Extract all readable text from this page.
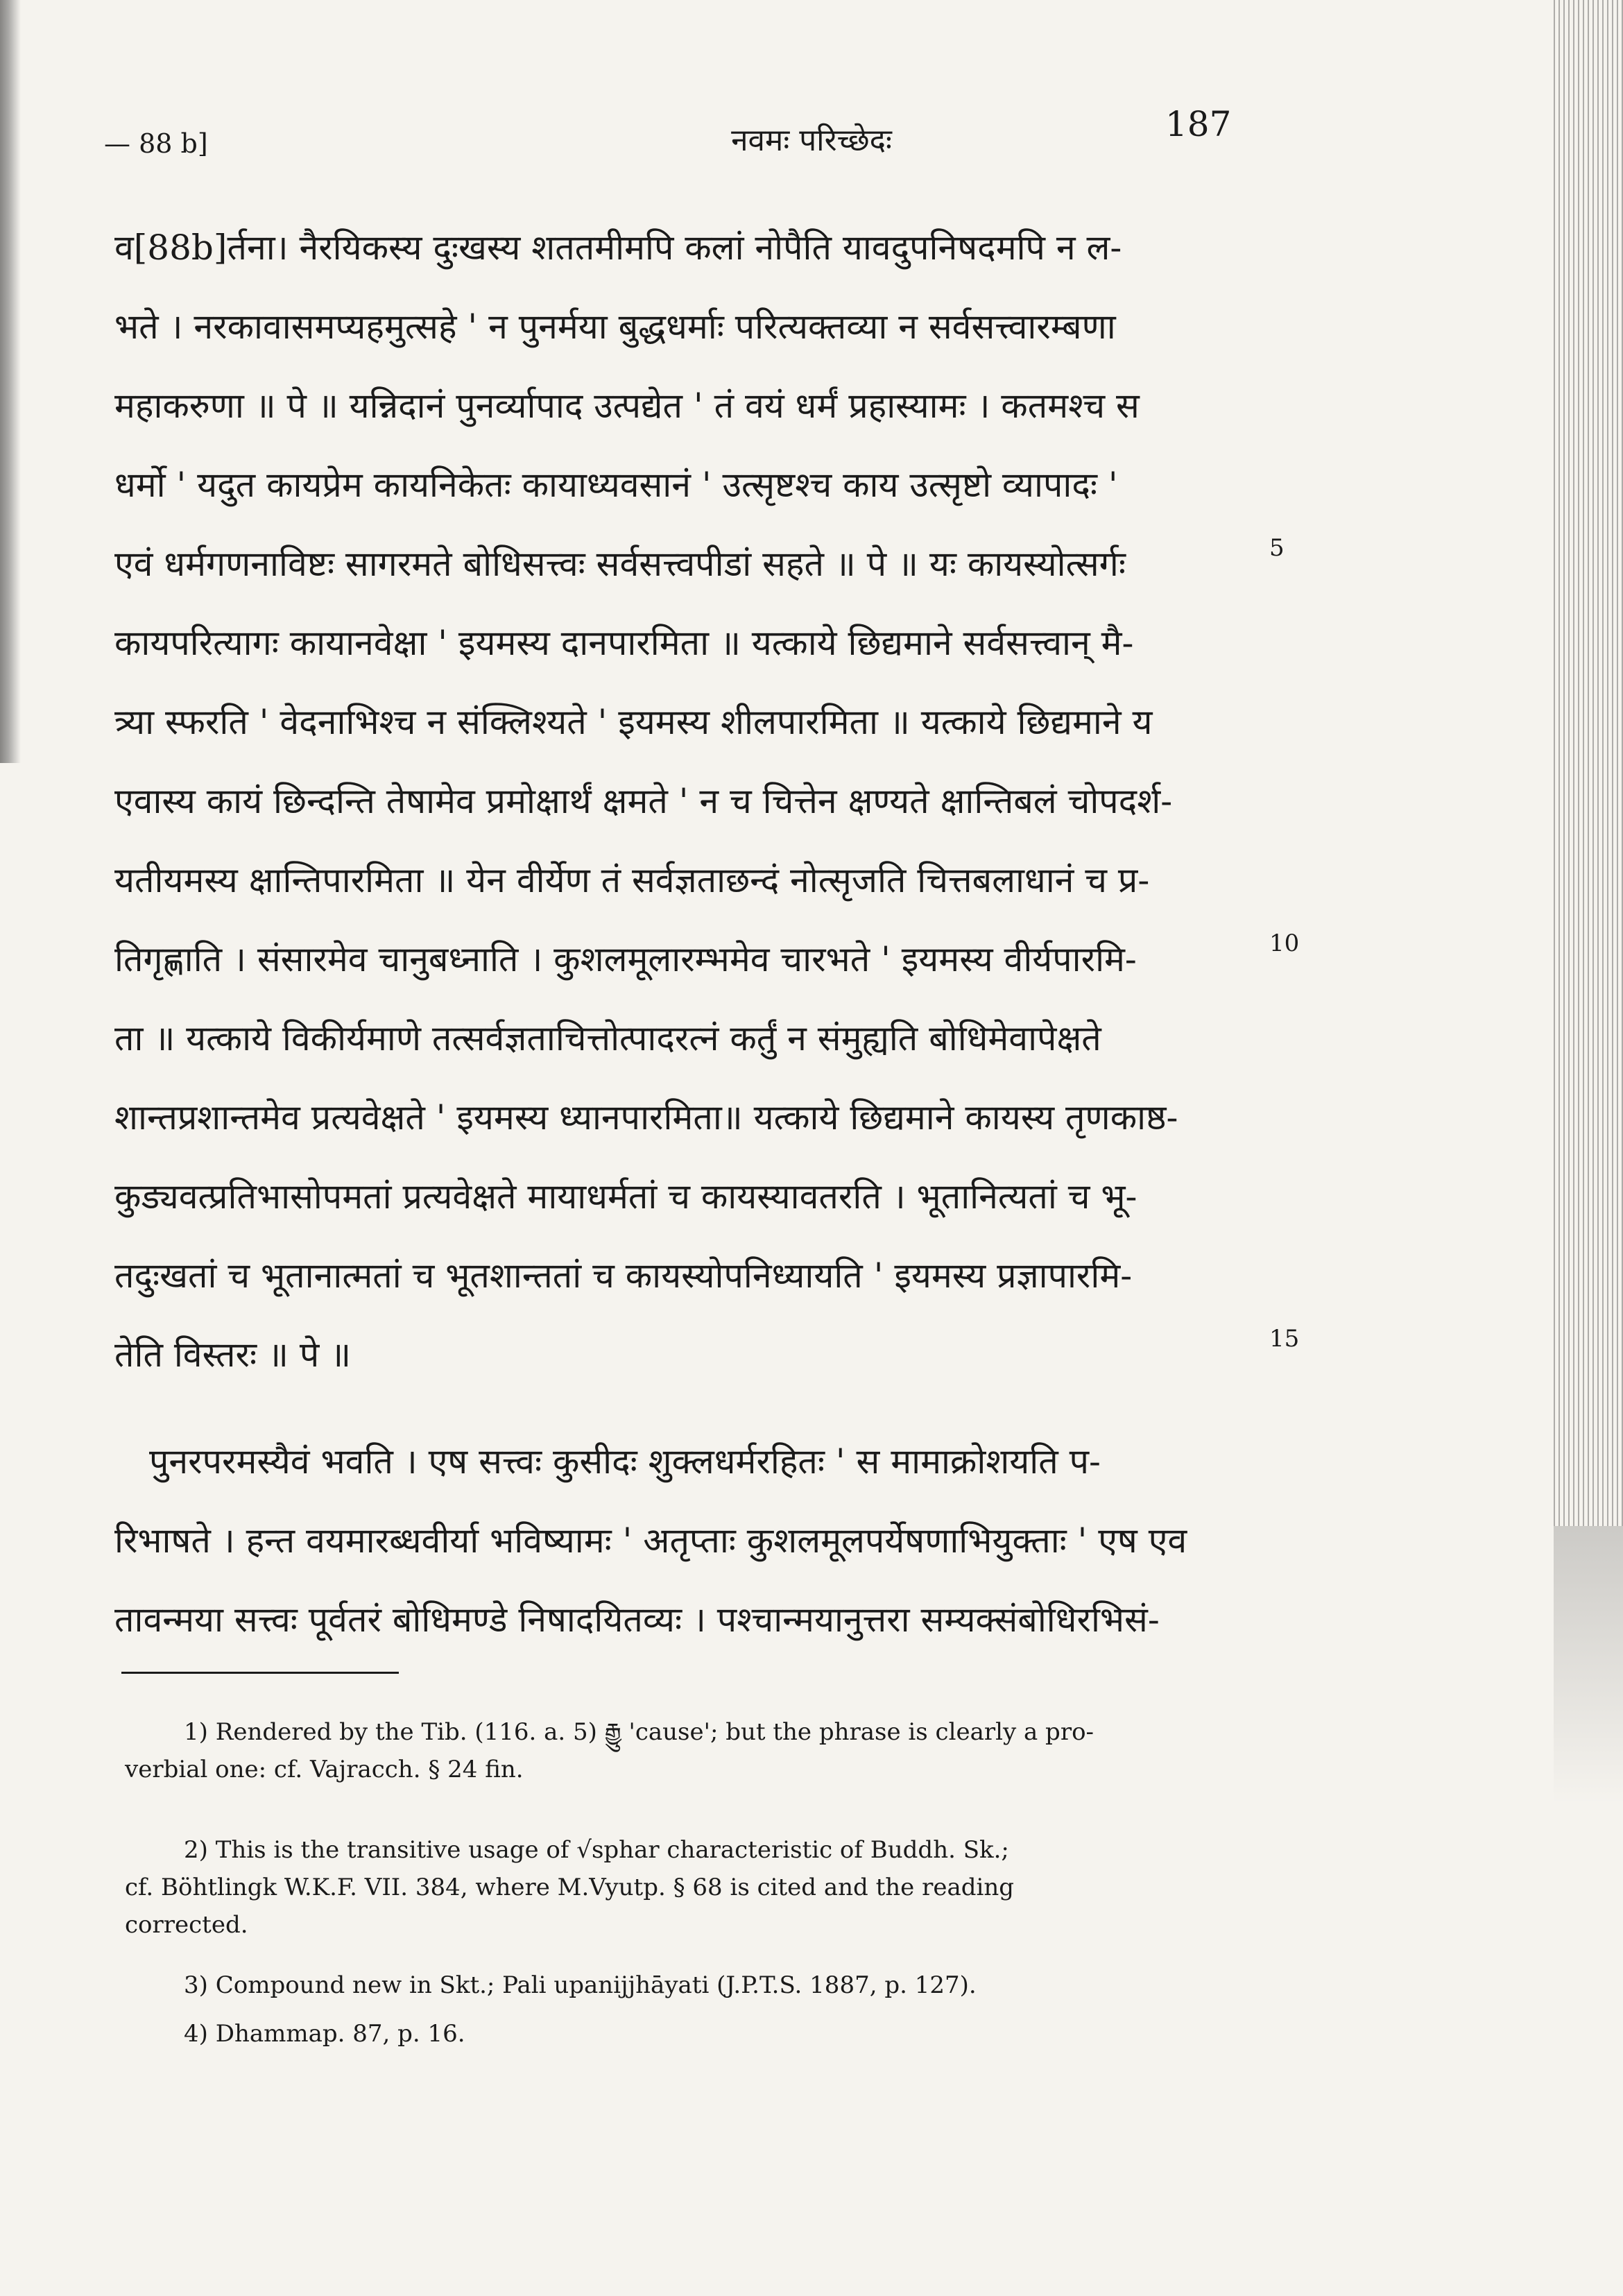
— 88 b]	नवमः परिच्छेदः	187
व[88b]र्तना। नैरयिकस्य दुःखस्य शततमीमपि कलां नोपैति यावदुपनिषदमपि न ल-
भते । नरकावासमप्यहमुत्सहे ' न पुनर्मया बुद्धधर्माः परित्यक्तव्या न सर्वसत्त्वारम्बणा
महाकरुणा ॥ पे ॥ यन्निदानं पुनर्व्यापाद उत्पद्येत ' तं वयं धर्मं प्रहास्यामः । कतमश्च स
धर्मो ' यदुत कायप्रेम कायनिकेतः कायाध्यवसानं ' उत्सृष्टश्च काय उत्सृष्टो व्यापादः '
एवं धर्मगणनाविष्टः सागरमते बोधिसत्त्वः सर्वसत्त्वपीडां सहते ॥ पे ॥ यः कायस्योत्सर्गः
कायपरित्यागः कायानवेक्षा ' इयमस्य दानपारमिता ॥ यत्काये छिद्यमाने सर्वसत्त्वान् मै-
त्र्या स्फरति ' वेदनाभिश्च न संक्लिश्यते ' इयमस्य शीलपारमिता ॥ यत्काये छिद्यमाने य
एवास्य कायं छिन्दन्ति तेषामेव प्रमोक्षार्थं क्षमते ' न च चित्तेन क्षण्यते क्षान्तिबलं चोपदर्श-
यतीयमस्य क्षान्तिपारमिता ॥ येन वीर्येण तं सर्वज्ञताछन्दं नोत्सृजति चित्तबलाधानं च प्र-
तिगृह्णाति । संसारमेव चानुबध्नाति । कुशलमूलारम्भमेव चारभते ' इयमस्य वीर्यपारमि-
ता ॥ यत्काये विकीर्यमाणे तत्सर्वज्ञताचित्तोत्पादरत्नं कर्तुं न संमुह्यति बोधिमेवापेक्षते
शान्तप्रशान्तमेव प्रत्यवेक्षते ' इयमस्य ध्यानपारमिता॥ यत्काये छिद्यमाने कायस्य तृणकाष्ठ-
कुड्यवत्प्रतिभासोपमतां प्रत्यवेक्षते मायाधर्मतां च कायस्यावतरति । भूतानित्यतां च भू-
तदुःखतां च भूतानात्मतां च भूतशान्ततां च कायस्योपनिध्यायति ' इयमस्य प्रज्ञापारमि-
तेति विस्तरः ॥ पे ॥
पुनरपरमस्यैवं भवति । एष सत्त्वः कुसीदः शुक्लधर्मरहितः ' स मामाक्रोशयति प-
रिभाषते । हन्त वयमारब्धवीर्या भविष्यामः ' अतृप्ताः कुशलमूलपर्येषणाभियुक्ताः ' एष एव
तावन्मया सत्त्वः पूर्वतरं बोधिमण्डे निषादयितव्यः । पश्चान्मयानुत्तरा सम्यक्संबोधिरभिसं-
5
10
15
1) Rendered by the Tib. (116. a. 5) རྒྱུ 'cause'; but the phrase is clearly a pro-
verbial one: cf. Vajracch. § 24 fin.
2) This is the transitive usage of √sphar characteristic of Buddh. Sk.;
cf. Böhtlingk W.K.F. VII. 384, where M.Vyutp. § 68 is cited and the reading
corrected.
3) Compound new in Skt.; Pali upanijjhāyati (J.P.T.S. 1887, p. 127).
4) Dhammap. 87, p. 16.
